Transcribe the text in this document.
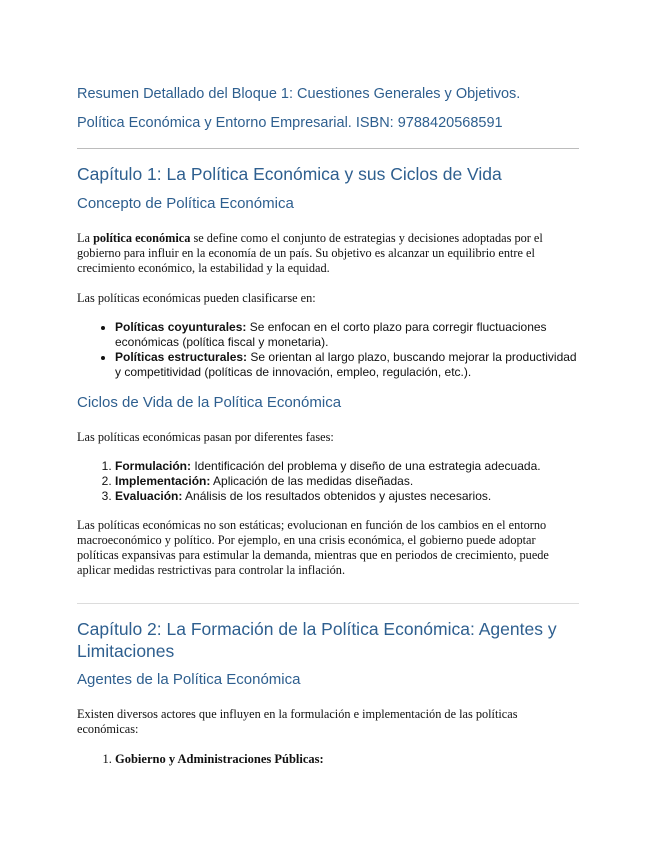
Resumen Detallado del Bloque 1: Cuestiones Generales y Objetivos.

Política Económica y Entorno Empresarial. ISBN: 9788420568591

Capítulo 1: La Política Económica y sus Ciclos de Vida
Concepto de Política Económica

La política económica se define como el conjunto de estrategias y decisiones adoptadas por el gobierno para influir en la economía de un país. Su objetivo es alcanzar un equilibrio entre el crecimiento económico, la estabilidad y la equidad.

Las políticas económicas pueden clasificarse en:

• Políticas coyunturales: Se enfocan en el corto plazo para corregir fluctuaciones económicas (política fiscal y monetaria).
• Políticas estructurales: Se orientan al largo plazo, buscando mejorar la productividad y competitividad (políticas de innovación, empleo, regulación, etc.).
Ciclos de Vida de la Política Económica

Las políticas económicas pasan por diferentes fases:

1. Formulación: Identificación del problema y diseño de una estrategia adecuada.
2. Implementación: Aplicación de las medidas diseñadas.
3. Evaluación: Análisis de los resultados obtenidos y ajustes necesarios.

Las políticas económicas no son estáticas; evolucionan en función de los cambios en el entorno macroeconómico y político. Por ejemplo, en una crisis económica, el gobierno puede adoptar políticas expansivas para estimular la demanda, mientras que en periodos de crecimiento, puede aplicar medidas restrictivas para controlar la inflación.

Capítulo 2: La Formación de la Política Económica: Agentes y Limitaciones
Agentes de la Política Económica

Existen diversos actores que influyen en la formulación e implementación de las políticas económicas:

1. Gobierno y Administraciones Públicas:
